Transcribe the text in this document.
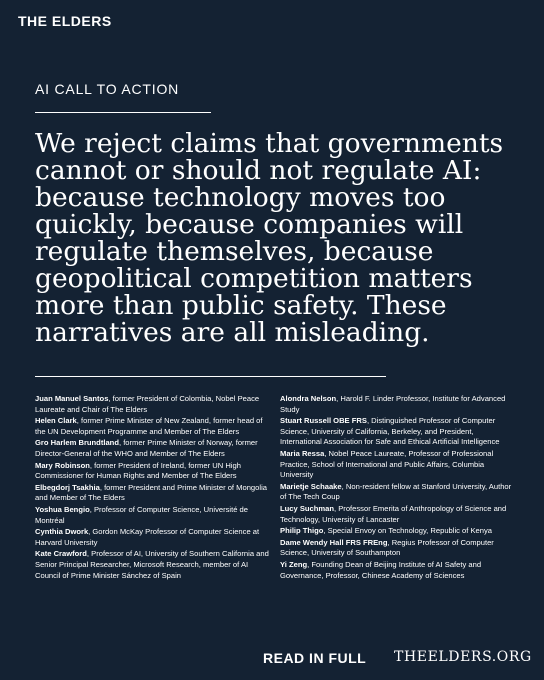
THE ELDERS
AI CALL TO ACTION

We reject claims that governments cannot or should not regulate AI: because technology moves too quickly, because companies will regulate themselves, because geopolitical competition matters more than public safety. These narratives are all misleading.

Juan Manuel Santos, former President of Colombia, Nobel Peace Laureate and Chair of The Elders
Helen Clark, former Prime Minister of New Zealand, former head of the UN Development Programme and Member of The Elders
Gro Harlem Brundtland, former Prime Minister of Norway, former Director-General of the WHO and Member of The Elders
Mary Robinson, former President of Ireland, former UN High Commissioner for Human Rights and Member of The Elders
Elbegdorj Tsakhia, former President and Prime Minister of Mongolia and Member of The Elders
Yoshua Bengio, Professor of Computer Science, Université de Montréal
Cynthia Dwork, Gordon McKay Professor of Computer Science at Harvard University
Kate Crawford, Professor of AI, University of Southern California and Senior Principal Researcher, Microsoft Research, member of AI Council of Prime Minister Sánchez of Spain
Alondra Nelson, Harold F. Linder Professor, Institute for Advanced Study
Stuart Russell OBE FRS, Distinguished Professor of Computer Science, University of California, Berkeley, and President, International Association for Safe and Ethical Artificial Intelligence
Maria Ressa, Nobel Peace Laureate, Professor of Professional Practice, School of International and Public Affairs, Columbia University
Marietje Schaake, Non-resident fellow at Stanford University, Author of The Tech Coup
Lucy Suchman, Professor Emerita of Anthropology of Science and Technology, University of Lancaster
Philip Thigo, Special Envoy on Technology, Republic of Kenya
Dame Wendy Hall FRS FREng, Regius Professor of Computer Science, University of Southampton
Yi Zeng, Founding Dean of Beijing Institute of AI Safety and Governance, Professor, Chinese Academy of Sciences
READ IN FULL THEELDERS.ORG
